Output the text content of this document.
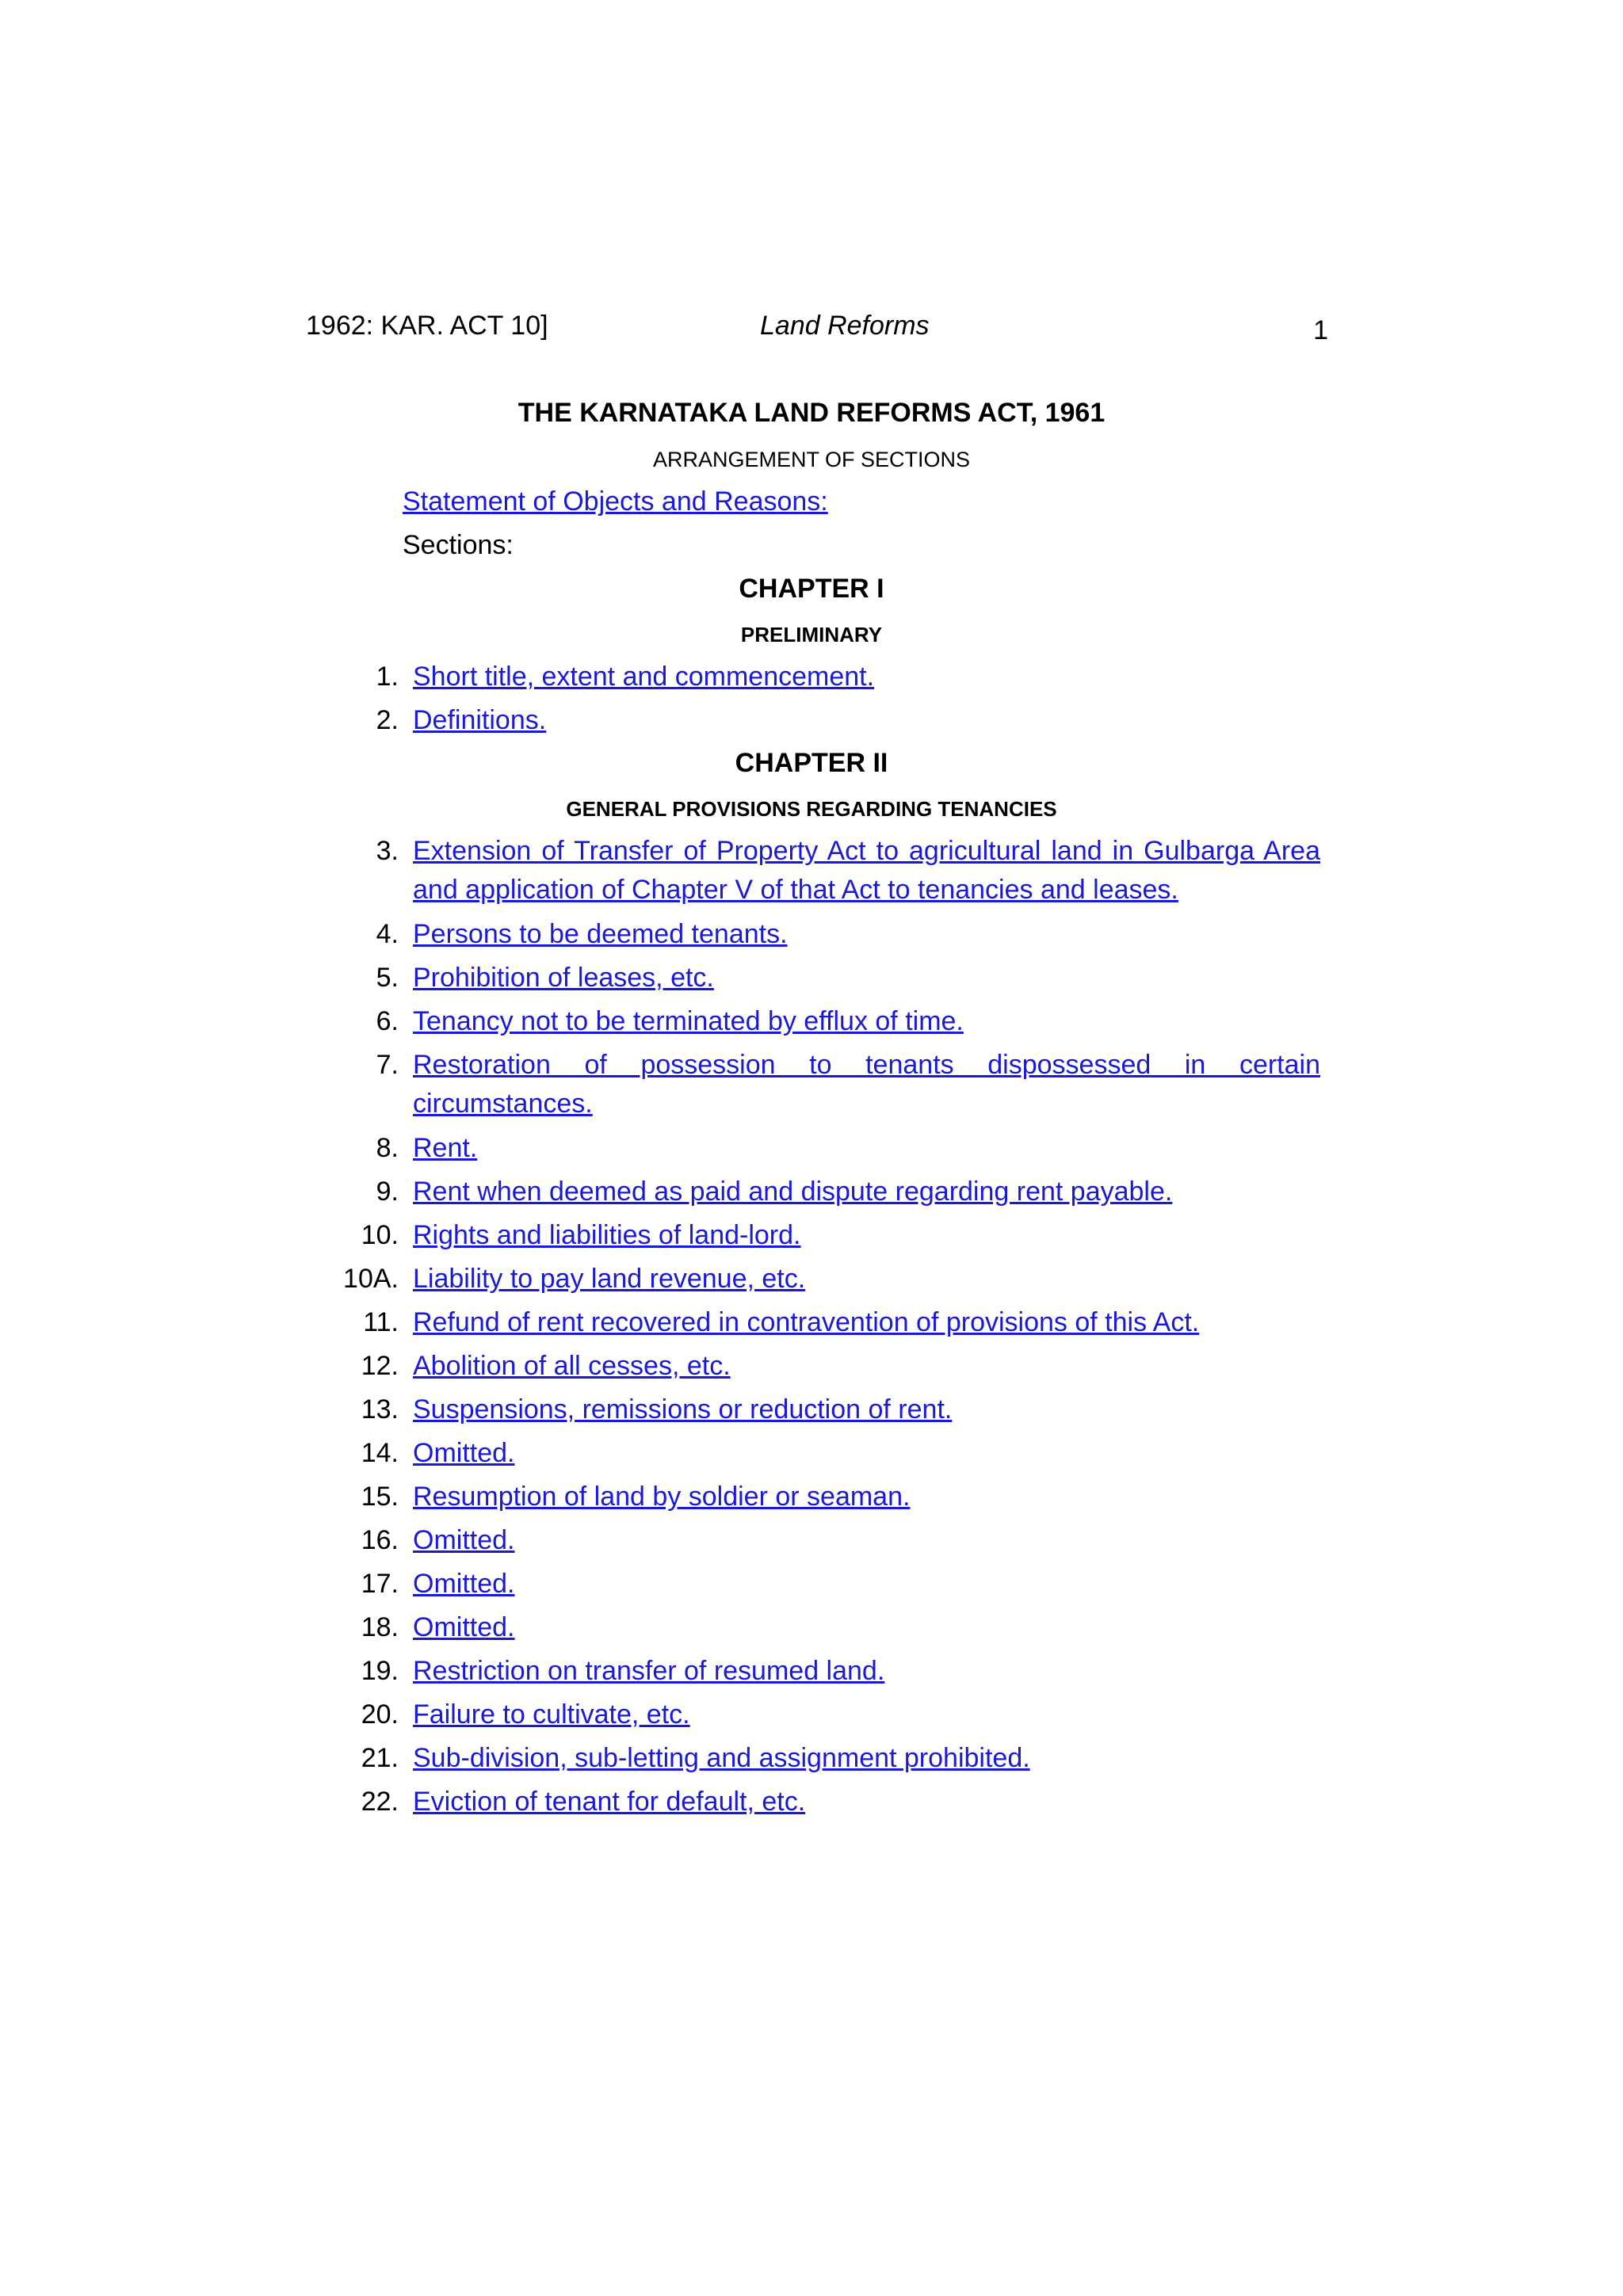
1962: KAR. ACT 10]	Land Reforms	1
THE KARNATAKA LAND REFORMS ACT, 1961
ARRANGEMENT OF SECTIONS
Statement of Objects and Reasons:
Sections:
CHAPTER I
PRELIMINARY
CHAPTER II
GENERAL PROVISIONS REGARDING TENANCIES
1. Short title, extent and commencement.
2. Definitions.
3. Extension of Transfer of Property Act to agricultural land in Gulbarga Area and application of Chapter V of that Act to tenancies and leases.
4. Persons to be deemed tenants.
5. Prohibition of leases, etc.
6. Tenancy not to be terminated by efflux of time.
7. Restoration of possession to tenants dispossessed in certain circumstances.
8. Rent.
9. Rent when deemed as paid and dispute regarding rent payable.
10. Rights and liabilities of land-lord.
10A. Liability to pay land revenue, etc.
11. Refund of rent recovered in contravention of provisions of this Act.
12. Abolition of all cesses, etc.
13. Suspensions, remissions or reduction of rent.
14. Omitted.
15. Resumption of land by soldier or seaman.
16. Omitted.
17. Omitted.
18. Omitted.
19. Restriction on transfer of resumed land.
20. Failure to cultivate, etc.
21. Sub-division, sub-letting and assignment prohibited.
22. Eviction of tenant for default, etc.
